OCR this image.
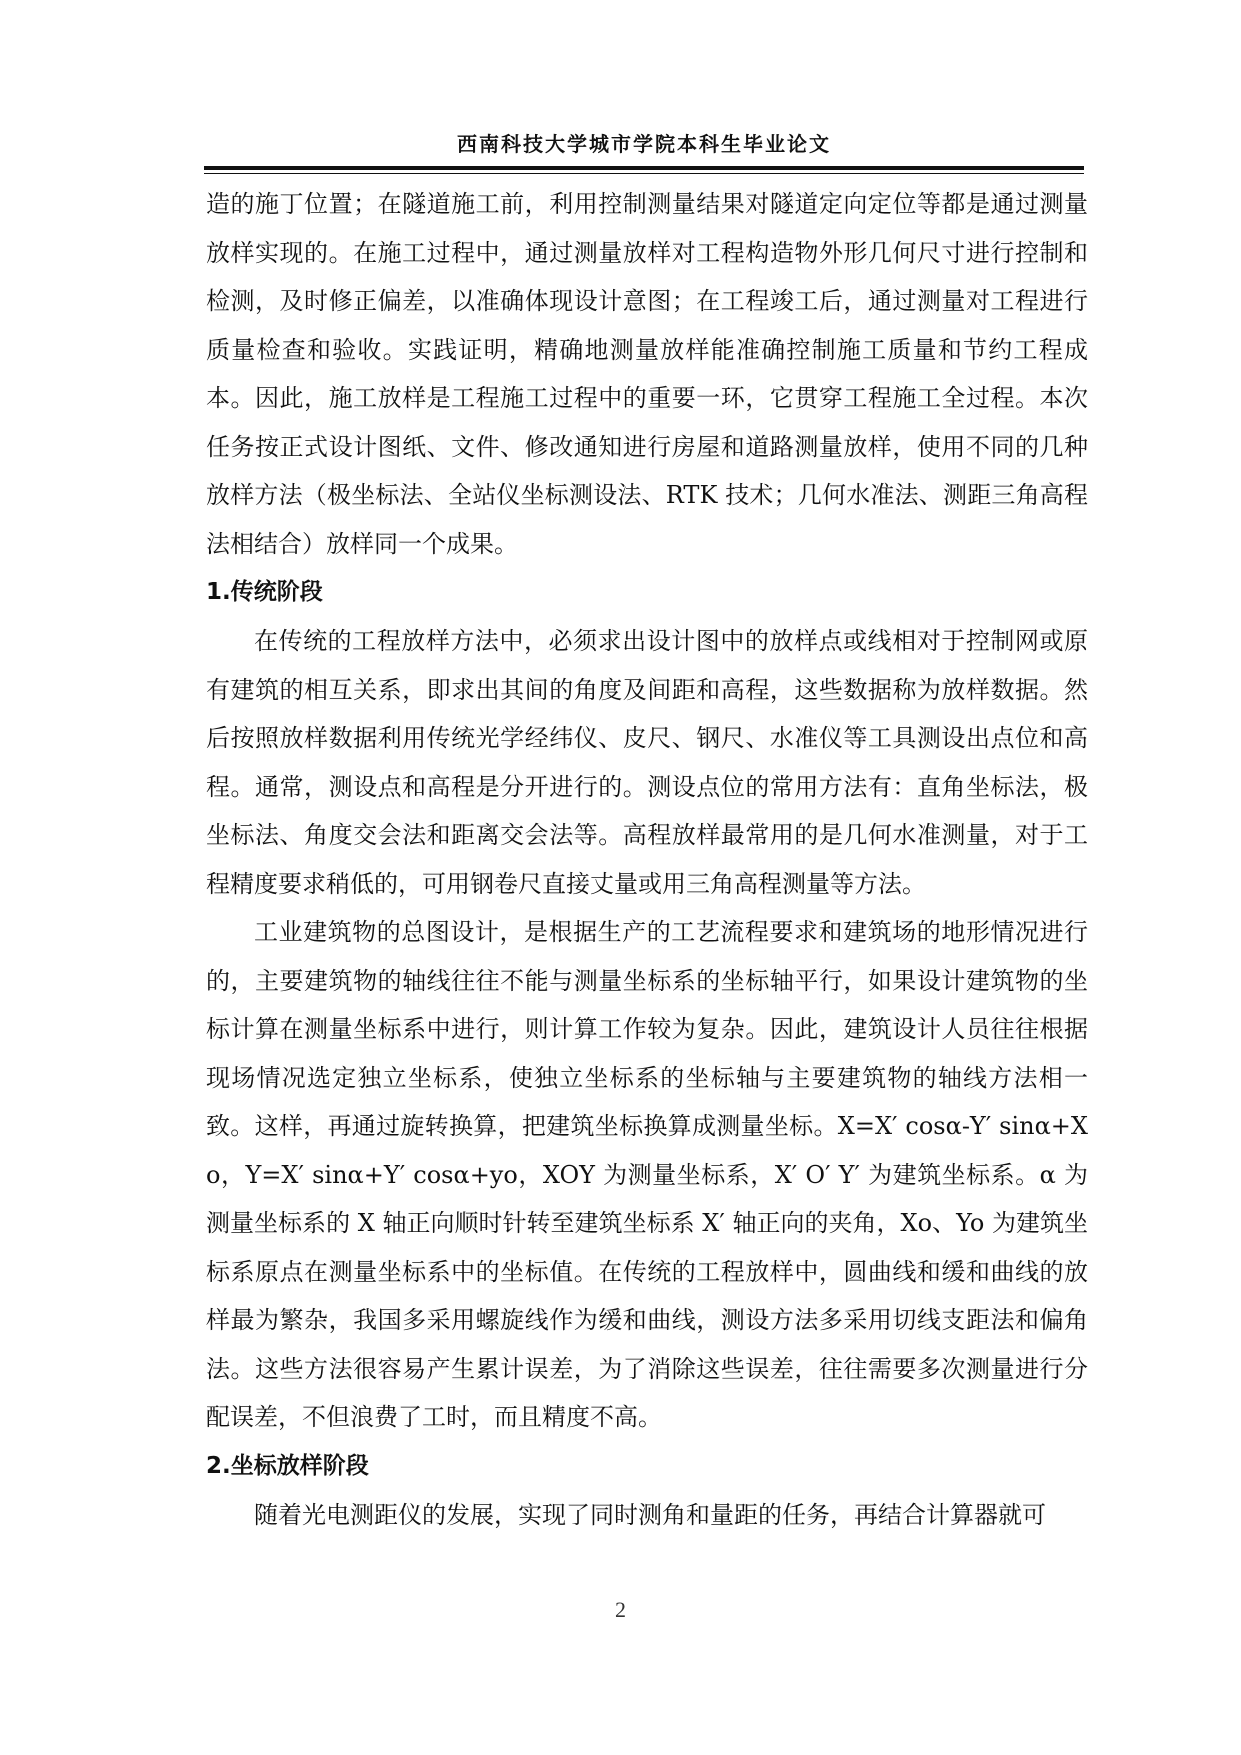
西南科技大学城市学院本科生毕业论文

造的施丁位置；在隧道施工前，利用控制测量结果对隧道定向定位等都是通过测量放样实现的。在施工过程中，通过测量放样对工程构造物外形几何尺寸进行控制和检测，及时修正偏差，以准确体现设计意图；在工程竣工后，通过测量对工程进行质量检查和验收。实践证明，精确地测量放样能准确控制施工质量和节约工程成本。因此，施工放样是工程施工过程中的重要一环，它贯穿工程施工全过程。本次任务按正式设计图纸、文件、修改通知进行房屋和道路测量放样，使用不同的几种放样方法（极坐标法、全站仪坐标测设法、RTK 技术；几何水准法、测距三角高程法相结合）放样同一个成果。

1.传统阶段

在传统的工程放样方法中，必须求出设计图中的放样点或线相对于控制网或原有建筑的相互关系，即求出其间的角度及间距和高程，这些数据称为放样数据。然后按照放样数据利用传统光学经纬仪、皮尺、钢尺、水准仪等工具测设出点位和高程。通常，测设点和高程是分开进行的。测设点位的常用方法有：直角坐标法，极坐标法、角度交会法和距离交会法等。高程放样最常用的是几何水准测量，对于工程精度要求稍低的，可用钢卷尺直接丈量或用三角高程测量等方法。

工业建筑物的总图设计，是根据生产的工艺流程要求和建筑场的地形情况进行的，主要建筑物的轴线往往不能与测量坐标系的坐标轴平行，如果设计建筑物的坐标计算在测量坐标系中进行，则计算工作较为复杂。因此，建筑设计人员往往根据现场情况选定独立坐标系，使独立坐标系的坐标轴与主要建筑物的轴线方法相一致。这样，再通过旋转换算，把建筑坐标换算成测量坐标。X=X′ cosα-Y′ sinα+Xo，Y=X′ sinα+Y′ cosα+yo，XOY 为测量坐标系，X′ O′ Y′ 为建筑坐标系。α 为测量坐标系的 X 轴正向顺时针转至建筑坐标系 X′ 轴正向的夹角，Xo、Yo 为建筑坐标系原点在测量坐标系中的坐标值。在传统的工程放样中，圆曲线和缓和曲线的放样最为繁杂，我国多采用螺旋线作为缓和曲线，测设方法多采用切线支距法和偏角法。这些方法很容易产生累计误差，为了消除这些误差，往往需要多次测量进行分配误差，不但浪费了工时，而且精度不高。

2.坐标放样阶段

随着光电测距仪的发展，实现了同时测角和量距的任务，再结合计算器就可

2
